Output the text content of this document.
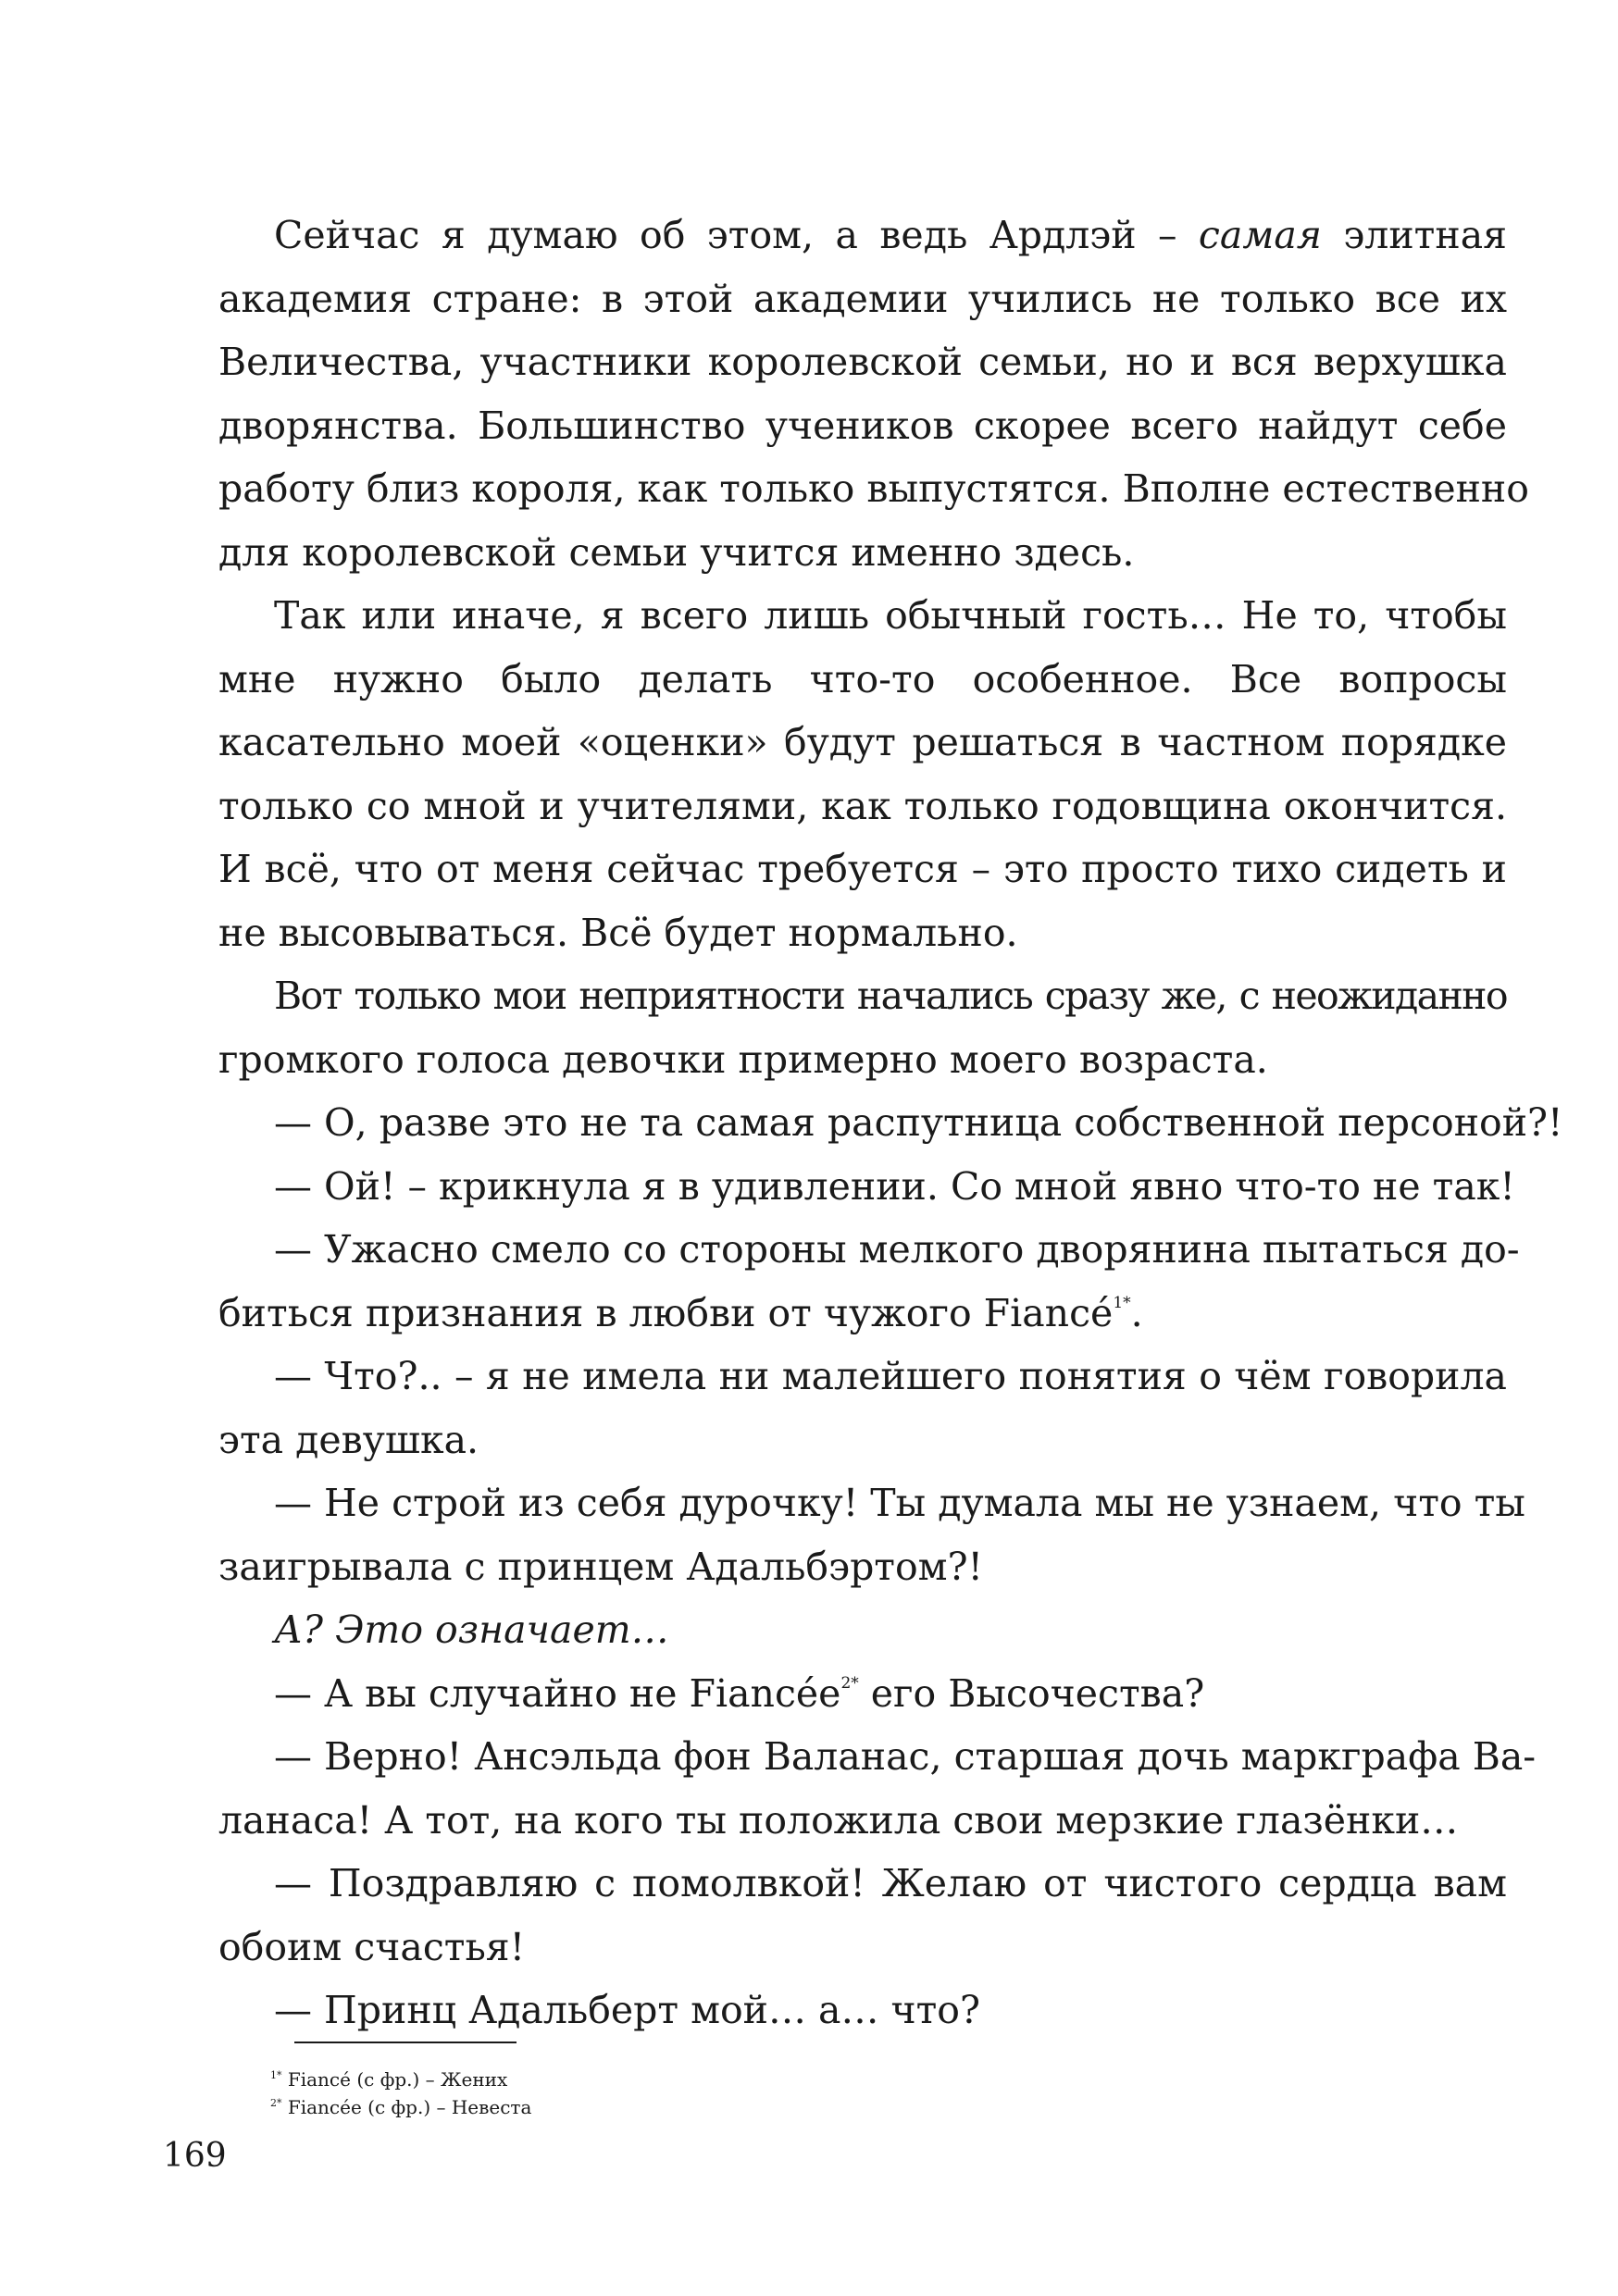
Сейчас я думаю об этом, а ведь Ардлэй – самая элитная
академия стране: в этой академии учились не только все их
Величества, участники королевской семьи, но и вся верхушка
дворянства. Большинство учеников скорее всего найдут себе
работу близ короля, как только выпустятся. Вполне естественно
для королевской семьи учится именно здесь.
Так или иначе, я всего лишь обычный гость… Не то, чтобы
мне нужно было делать что-то особенное. Все вопросы
касательно моей «оценки» будут решаться в частном порядке
только со мной и учителями, как только годовщина окончится.
И всё, что от меня сейчас требуется – это просто тихо сидеть и
не высовываться. Всё будет нормально.
Вот только мои неприятности начались сразу же, с неожиданно
громкого голоса девочки примерно моего возраста.
— О, разве это не та самая распутница собственной персоной?!
— Ой! – крикнула я в удивлении. Со мной явно что-то не так!
— Ужасно смело со стороны мелкого дворянина пытаться до-
биться признания в любви от чужого Fiancé$^{1*}$.
— Что?.. – я не имела ни малейшего понятия о чём говорила
эта девушка.
— Не строй из себя дурочку! Ты думала мы не узнаем, что ты
заигрывала с принцем Адальбэртом?!
А? Это означает…
— А вы случайно не Fiancée$^{2*}$ его Высочества?
— Верно! Ансэльда фон Валанас, старшая дочь маркграфа Ва-
ланаса! А тот, на кого ты положила свои мерзкие глазёнки…
— Поздравляю с помолвкой! Желаю от чистого сердца вам
обоим счастья!
— Принц Адальберт мой… а… что?
$^{1*}$ Fiancé (с фр.) – Жених
$^{2*}$ Fiancée (с фр.) – Невеста
169
